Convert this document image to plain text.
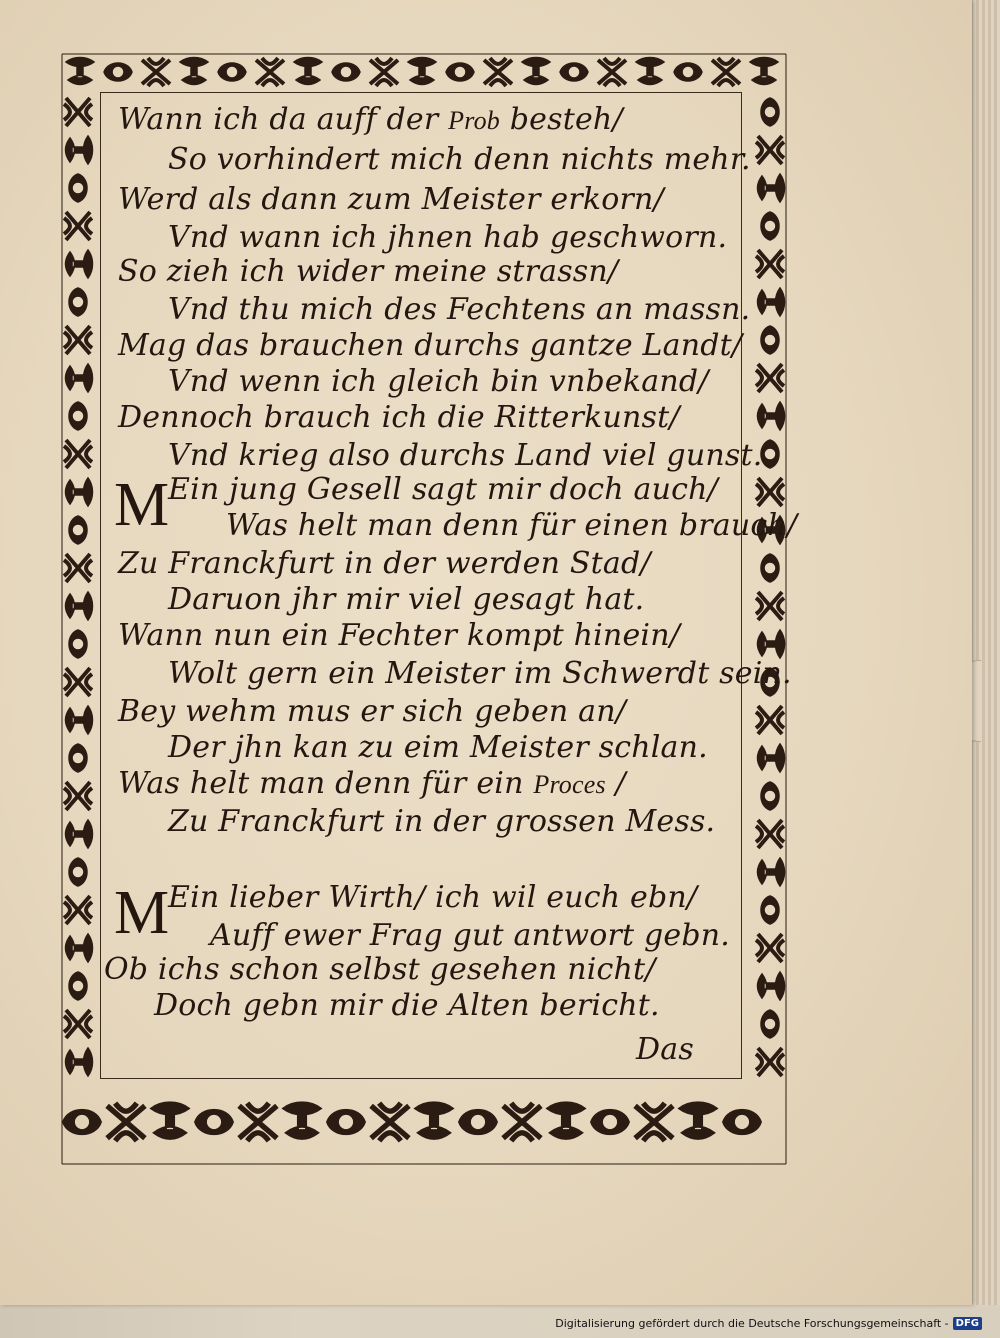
Wann ich da auff der Prob besteh/
So vorhindert mich denn nichts mehr.
Werd als dann zum Meister erkorn/
Vnd wann ich jhnen hab geschworn.
So zieh ich wider meine strassn/
Vnd thu mich des Fechtens an massn.
Mag das brauchen durchs gantze Landt/
Vnd wenn ich gleich bin vnbekand/
Dennoch brauch ich die Ritterkunst/
Vnd krieg also durchs Land viel gunst.
M
Ein jung Gesell sagt mir doch auch/
Was helt man denn für einen brauch/
Zu Franckfurt in der werden Stad/
Daruon jhr mir viel gesagt hat.
Wann nun ein Fechter kompt hinein/
Wolt gern ein Meister im Schwerdt sein.
Bey wehm mus er sich geben an/
Der jhn kan zu eim Meister schlan.
Was helt man denn für ein Proces /
Zu Franckfurt in der grossen Mess.
M
Ein lieber Wirth/ ich wil euch ebn/
Auff ewer Frag gut antwort gebn.
Ob ichs schon selbst gesehen nicht/
Doch gebn mir die Alten bericht.
Das
Digitalisierung gefördert durch die Deutsche Forschungsgemeinschaft - DFG
